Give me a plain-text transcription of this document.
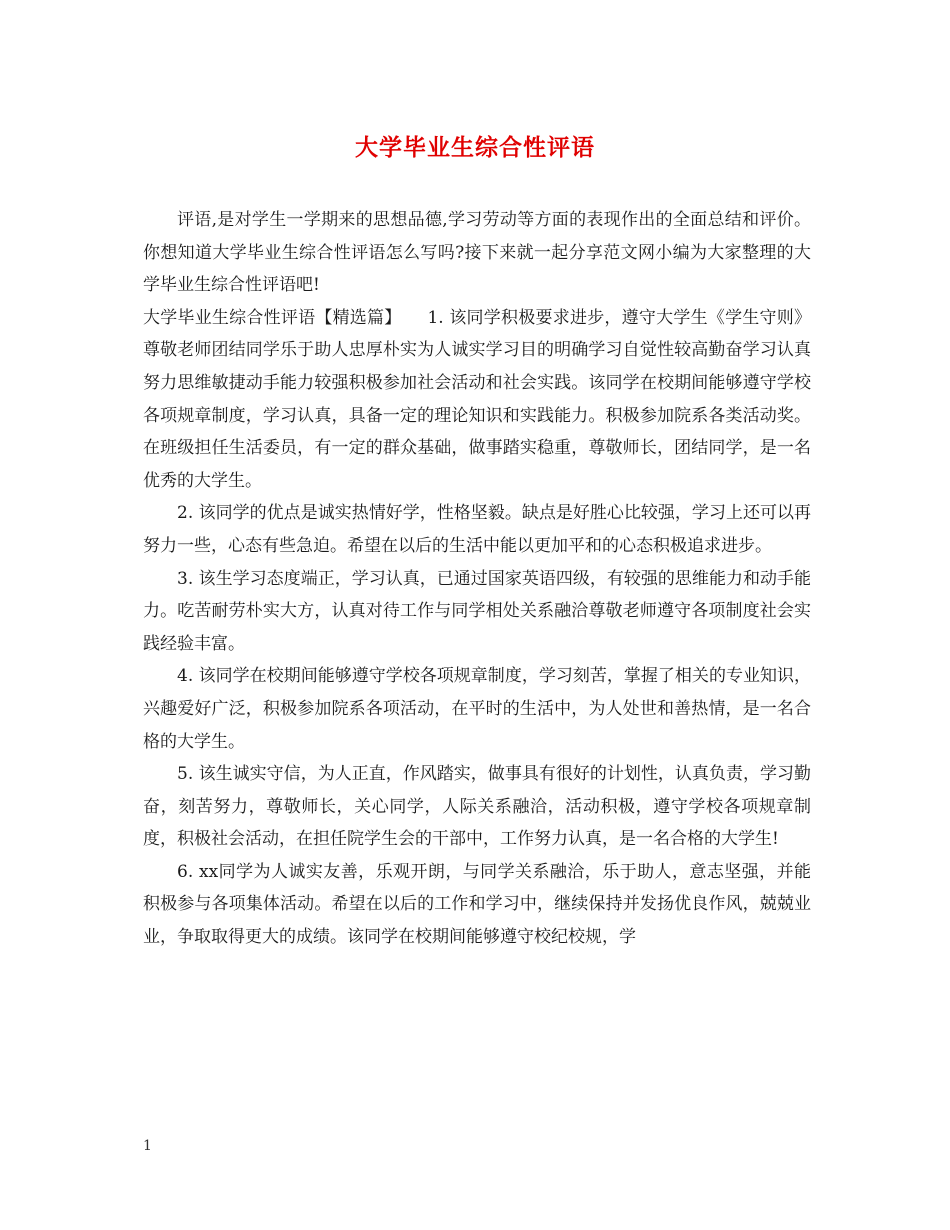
大学毕业生综合性评语

评语,是对学生一学期来的思想品德,学习劳动等方面的表现作出的全面总结和评价。你想知道大学毕业生综合性评语怎么写吗?接下来就一起分享范文网小编为大家整理的大学毕业生综合性评语吧!

大学毕业生综合性评语【精选篇】　　1. 该同学积极要求进步，遵守大学生《学生守则》尊敬老师团结同学乐于助人忠厚朴实为人诚实学习目的明确学习自觉性较高勤奋学习认真努力思维敏捷动手能力较强积极参加社会活动和社会实践。该同学在校期间能够遵守学校各项规章制度，学习认真，具备一定的理论知识和实践能力。积极参加院系各类活动奖。在班级担任生活委员，有一定的群众基础，做事踏实稳重，尊敬师长，团结同学，是一名优秀的大学生。

2. 该同学的优点是诚实热情好学，性格坚毅。缺点是好胜心比较强，学习上还可以再努力一些，心态有些急迫。希望在以后的生活中能以更加平和的心态积极追求进步。

3. 该生学习态度端正，学习认真，已通过国家英语四级，有较强的思维能力和动手能力。吃苦耐劳朴实大方，认真对待工作与同学相处关系融洽尊敬老师遵守各项制度社会实践经验丰富。

4. 该同学在校期间能够遵守学校各项规章制度，学习刻苦，掌握了相关的专业知识，兴趣爱好广泛，积极参加院系各项活动，在平时的生活中，为人处世和善热情，是一名合格的大学生。

5. 该生诚实守信，为人正直，作风踏实，做事具有很好的计划性，认真负责，学习勤奋，刻苦努力，尊敬师长，关心同学，人际关系融洽，活动积极，遵守学校各项规章制度，积极社会活动，在担任院学生会的干部中，工作努力认真，是一名合格的大学生!

6. xx同学为人诚实友善，乐观开朗，与同学关系融洽，乐于助人，意志坚强，并能积极参与各项集体活动。希望在以后的工作和学习中，继续保持并发扬优良作风，兢兢业业，争取取得更大的成绩。该同学在校期间能够遵守校纪校规，学

1
